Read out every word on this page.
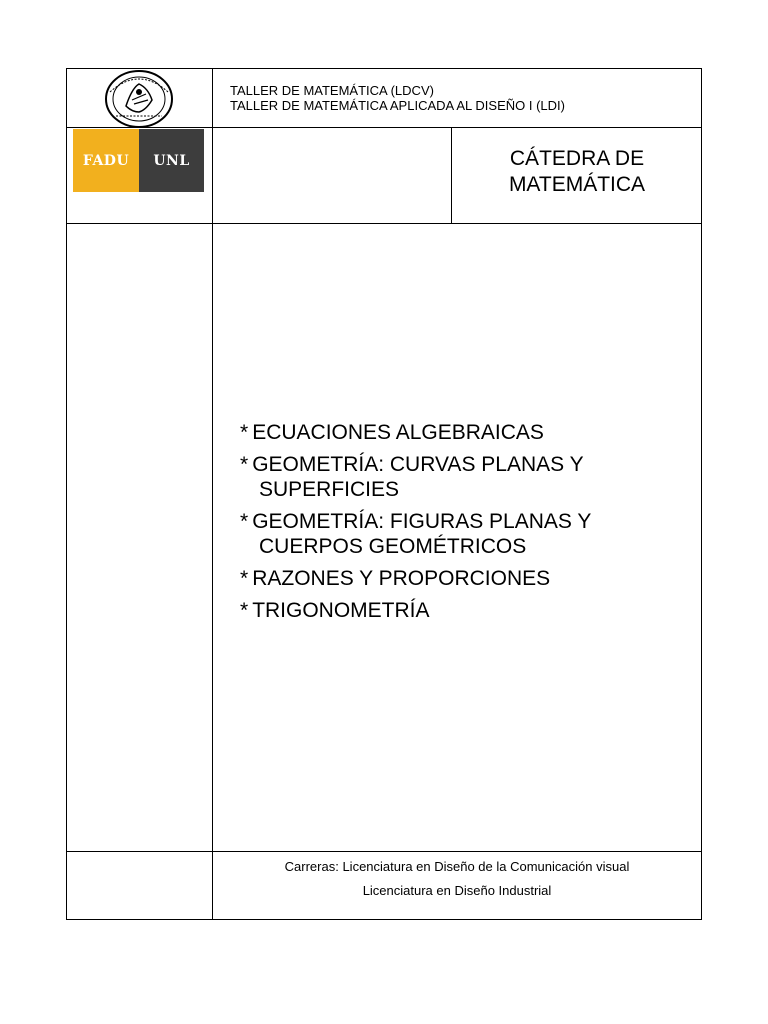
TALLER DE MATEMÁTICA (LDCV)
TALLER DE MATEMÁTICA APLICADA AL DISEÑO I (LDI)
FADU	UNL	CÁTEDRA DE
MATEMÁTICA
* ECUACIONES ALGEBRAICAS
* GEOMETRÍA: CURVAS PLANAS Y
SUPERFICIES
* GEOMETRÍA: FIGURAS PLANAS Y
CUERPOS GEOMÉTRICOS
* RAZONES Y PROPORCIONES
* TRIGONOMETRÍA
Carreras: Licenciatura en Diseño de la Comunicación visual
Licenciatura en Diseño Industrial
